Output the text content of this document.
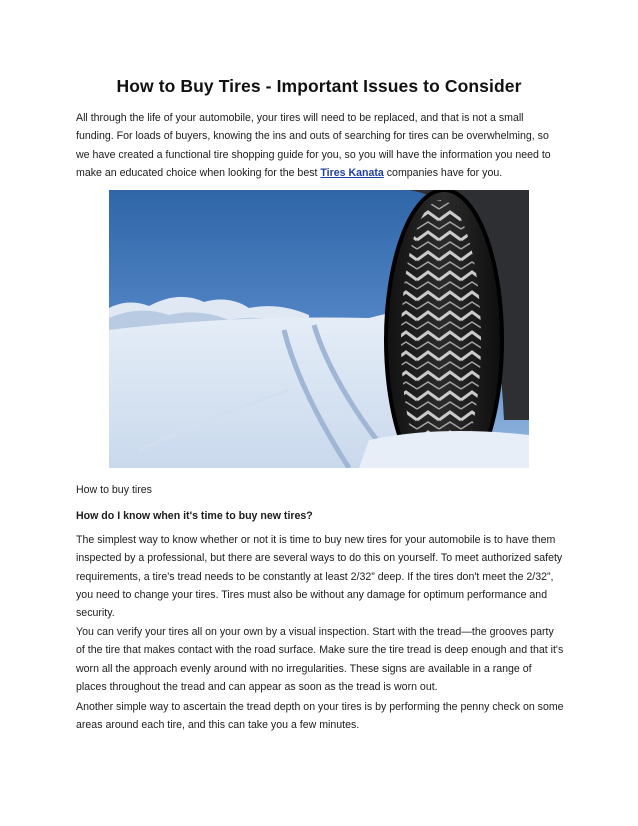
How to Buy Tires - Important Issues to Consider

All through the life of your automobile, your tires will need to be replaced, and that is not a small funding. For loads of buyers, knowing the ins and outs of searching for tires can be overwhelming, so we have created a functional tire shopping guide for you, so you will have the information you need to make an educated choice when looking for the best Tires Kanata companies have for you.

How to buy tires

How do I know when it's time to buy new tires?

The simplest way to know whether or not it is time to buy new tires for your automobile is to have them inspected by a professional, but there are several ways to do this on yourself. To meet authorized safety requirements, a tire's tread needs to be constantly at least 2/32” deep. If the tires don't meet the 2/32”, you need to change your tires. Tires must also be without any damage for optimum performance and security.

You can verify your tires all on your own by a visual inspection. Start with the tread—the grooves party of the tire that makes contact with the road surface. Make sure the tire tread is deep enough and that it's worn all the approach evenly around with no irregularities. These signs are available in a range of places throughout the tread and can appear as soon as the tread is worn out.

Another simple way to ascertain the tread depth on your tires is by performing the penny check on some areas around each tire, and this can take you a few minutes.
